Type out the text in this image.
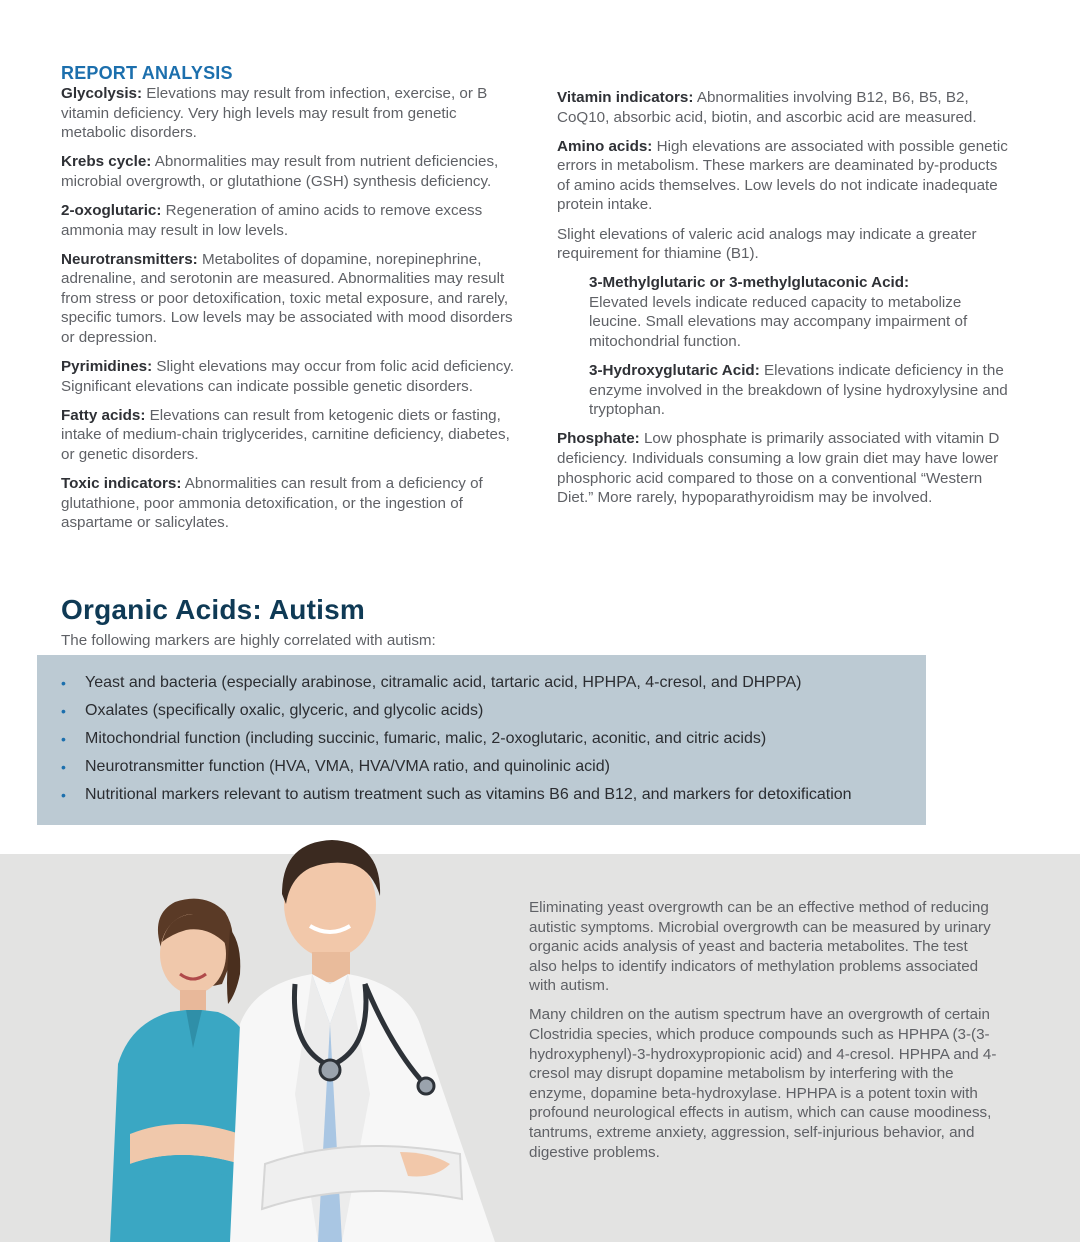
REPORT ANALYSIS

Glycolysis: Elevations may result from infection, exercise, or B vitamin deficiency. Very high levels may result from genetic metabolic disorders.

Krebs cycle: Abnormalities may result from nutrient deficiencies, microbial overgrowth, or glutathione (GSH) synthesis deficiency.

2-oxoglutaric: Regeneration of amino acids to remove excess ammonia may result in low levels.

Neurotransmitters: Metabolites of dopamine, norepinephrine, adrenaline, and serotonin are measured. Abnormalities may result from stress or poor detoxification, toxic metal exposure, and rarely, specific tumors. Low levels may be associated with mood disorders or depression.

Pyrimidines: Slight elevations may occur from folic acid deficiency. Significant elevations can indicate possible genetic disorders.

Fatty acids: Elevations can result from ketogenic diets or fasting, intake of medium-chain triglycerides, carnitine deficiency, diabetes, or genetic disorders.

Toxic indicators: Abnormalities can result from a deficiency of glutathione, poor ammonia detoxification, or the ingestion of aspartame or salicylates.

Vitamin indicators: Abnormalities involving B12, B6, B5, B2, CoQ10, absorbic acid, biotin, and ascorbic acid are measured.

Amino acids: High elevations are associated with possible genetic errors in metabolism. These markers are deaminated by-products of amino acids themselves. Low levels do not indicate inadequate protein intake.

Slight elevations of valeric acid analogs may indicate a greater requirement for thiamine (B1).

3-Methylglutaric or 3-methylglutaconic Acid:
Elevated levels indicate reduced capacity to metabolize leucine. Small elevations may accompany impairment of mitochondrial function.

3-Hydroxyglutaric Acid: Elevations indicate deficiency in the enzyme involved in the breakdown of lysine hydroxylysine and tryptophan.

Phosphate: Low phosphate is primarily associated with vitamin D deficiency. Individuals consuming a low grain diet may have lower phosphoric acid compared to those on a conventional “Western Diet.” More rarely, hypoparathyroidism may be involved.

Organic Acids: Autism
The following markers are highly correlated with autism:
• Yeast and bacteria (especially arabinose, citramalic acid, tartaric acid, HPHPA, 4-cresol, and DHPPA)
• Oxalates (specifically oxalic, glyceric, and glycolic acids)
• Mitochondrial function (including succinic, fumaric, malic, 2-oxoglutaric, aconitic, and citric acids)
• Neurotransmitter function (HVA, VMA, HVA/VMA ratio, and quinolinic acid)
• Nutritional markers relevant to autism treatment such as vitamins B6 and B12, and markers for detoxification

Eliminating yeast overgrowth can be an effective method of reducing autistic symptoms. Microbial overgrowth can be measured by urinary organic acids analysis of yeast and bacteria metabolites. The test also helps to identify indicators of methylation problems associated with autism.

Many children on the autism spectrum have an overgrowth of certain Clostridia species, which produce compounds such as HPHPA (3-(3-hydroxyphenyl)-3-hydroxypropionic acid) and 4-cresol. HPHPA and 4-cresol may disrupt dopamine metabolism by interfering with the enzyme, dopamine beta-hydroxylase. HPHPA is a potent toxin with profound neurological effects in autism, which can cause moodiness, tantrums, extreme anxiety, aggression, self-injurious behavior, and digestive problems.
